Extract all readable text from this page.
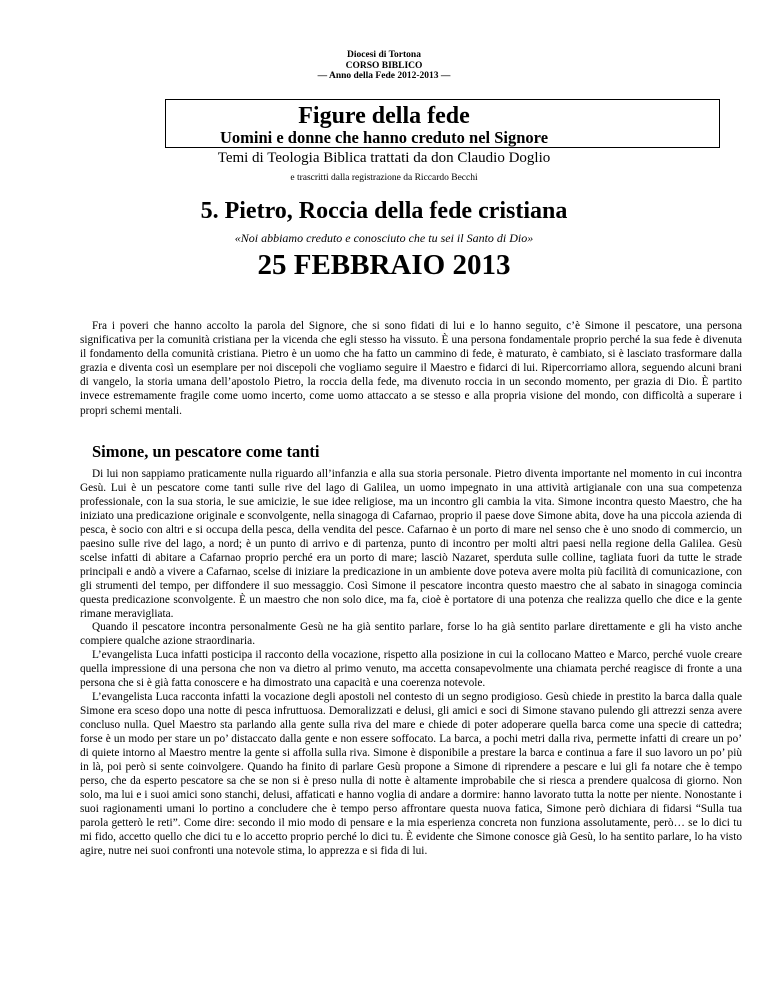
Diocesi di Tortona
CORSO BIBLICO
— Anno della Fede 2012-2013 —
Figure della fede
Uomini e donne che hanno creduto nel Signore
Temi di Teologia Biblica trattati da don Claudio Doglio
e trascritti dalla registrazione da Riccardo Becchi
5. Pietro, Roccia della fede cristiana
«Noi abbiamo creduto e conosciuto che tu sei il Santo di Dio»
25 FEBBRAIO 2013

Fra i poveri che hanno accolto la parola del Signore, che si sono fidati di lui e lo hanno seguito, c’è Simone il pescatore, una persona significativa per la comunità cristiana per la vicenda che egli stesso ha vissuto. È una persona fondamentale proprio perché la sua fede è divenuta il fondamento della comunità cristiana. Pietro è un uomo che ha fatto un cammino di fede, è maturato, è cambiato, si è lasciato trasformare dalla grazia e diventa così un esemplare per noi discepoli che vogliamo seguire il Maestro e fidarci di lui. Ripercorriamo allora, seguendo alcuni brani di vangelo, la storia umana dell’apostolo Pietro, la roccia della fede, ma divenuto roccia in un secondo momento, per grazia di Dio. È partito invece estremamente fragile come uomo incerto, come uomo attaccato a se stesso e alla propria visione del mondo, con difficoltà a superare i propri schemi mentali.

Simone, un pescatore come tanti

Di lui non sappiamo praticamente nulla riguardo all’infanzia e alla sua storia personale. Pietro diventa importante nel momento in cui incontra Gesù. Lui è un pescatore come tanti sulle rive del lago di Galilea, un uomo impegnato in una attività artigianale con una sua competenza professionale, con la sua storia, le sue amicizie, le sue idee religiose, ma un incontro gli cambia la vita. Simone incontra questo Maestro, che ha iniziato una predicazione originale e sconvolgente, nella sinagoga di Cafarnao, proprio il paese dove Simone abita, dove ha una piccola azienda di pesca, è socio con altri e si occupa della pesca, della vendita del pesce. Cafarnao è un porto di mare nel senso che è uno snodo di commercio, un paesino sulle rive del lago, a nord; è un punto di arrivo e di partenza, punto di incontro per molti altri paesi nella regione della Galilea. Gesù scelse infatti di abitare a Cafarnao proprio perché era un porto di mare; lasciò Nazaret, sperduta sulle colline, tagliata fuori da tutte le strade principali e andò a vivere a Cafarnao, scelse di iniziare la predicazione in un ambiente dove poteva avere molta più facilità di comunicazione, con gli strumenti del tempo, per diffondere il suo messaggio. Così Simone il pescatore incontra questo maestro che al sabato in sinagoga comincia questa predicazione sconvolgente. È un maestro che non solo dice, ma fa, cioè è portatore di una potenza che realizza quello che dice e la gente rimane meravigliata.

Quando il pescatore incontra personalmente Gesù ne ha già sentito parlare, forse lo ha già sentito parlare direttamente e gli ha visto anche compiere qualche azione straordinaria.

L’evangelista Luca infatti posticipa il racconto della vocazione, rispetto alla posizione in cui la collocano Matteo e Marco, perché vuole creare quella impressione di una persona che non va dietro al primo venuto, ma accetta consapevolmente una chiamata perché reagisce di fronte a una persona che si è già fatta conoscere e ha dimostrato una capacità e una coerenza notevole.

L’evangelista Luca racconta infatti la vocazione degli apostoli nel contesto di un segno prodigioso. Gesù chiede in prestito la barca dalla quale Simone era sceso dopo una notte di pesca infruttuosa. Demoralizzati e delusi, gli amici e soci di Simone stavano pulendo gli attrezzi senza avere concluso nulla. Quel Maestro sta parlando alla gente sulla riva del mare e chiede di poter adoperare quella barca come una specie di cattedra; forse è un modo per stare un po’ distaccato dalla gente e non essere soffocato. La barca, a pochi metri dalla riva, permette infatti di creare un po’ di quiete intorno al Maestro mentre la gente si affolla sulla riva. Simone è disponibile a prestare la barca e continua a fare il suo lavoro un po’ più in là, poi però si sente coinvolgere. Quando ha finito di parlare Gesù propone a Simone di riprendere a pescare e lui gli fa notare che è tempo perso, che da esperto pescatore sa che se non si è preso nulla di notte è altamente improbabile che si riesca a prendere qualcosa di giorno. Non solo, ma lui e i suoi amici sono stanchi, delusi, affaticati e hanno voglia di andare a dormire: hanno lavorato tutta la notte per niente. Nonostante i suoi ragionamenti umani lo portino a concludere che è tempo perso affrontare questa nuova fatica, Simone però dichiara di fidarsi “Sulla tua parola getterò le reti”. Come dire: secondo il mio modo di pensare e la mia esperienza concreta non funziona assolutamente, però… se lo dici tu mi fido, accetto quello che dici tu e lo accetto proprio perché lo dici tu. È evidente che Simone conosce già Gesù, lo ha sentito parlare, lo ha visto agire, nutre nei suoi confronti una notevole stima, lo apprezza e si fida di lui.
